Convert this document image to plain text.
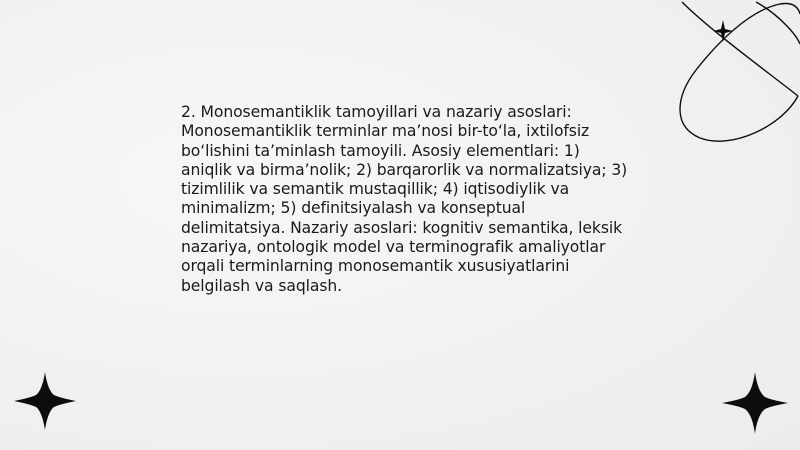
2. Monosemantiklik tamoyillari va nazariy asoslari: Monosemantiklik terminlar ma’nosi bir-to‘la, ixtilofsiz bo‘lishini ta’minlash tamoyili. Asosiy elementlari: 1) aniqlik va birma’nolik; 2) barqarorlik va normalizatsiya; 3) tizimlilik va semantik mustaqillik; 4) iqtisodiylik va minimalizm; 5) definitsiyalash va konseptual delimitatsiya. Nazariy asoslari: kognitiv semantika, leksik nazariya, ontologik model va terminografik amaliyotlar orqali terminlarning monosemantik xususiyatlarini belgilash va saqlash.
